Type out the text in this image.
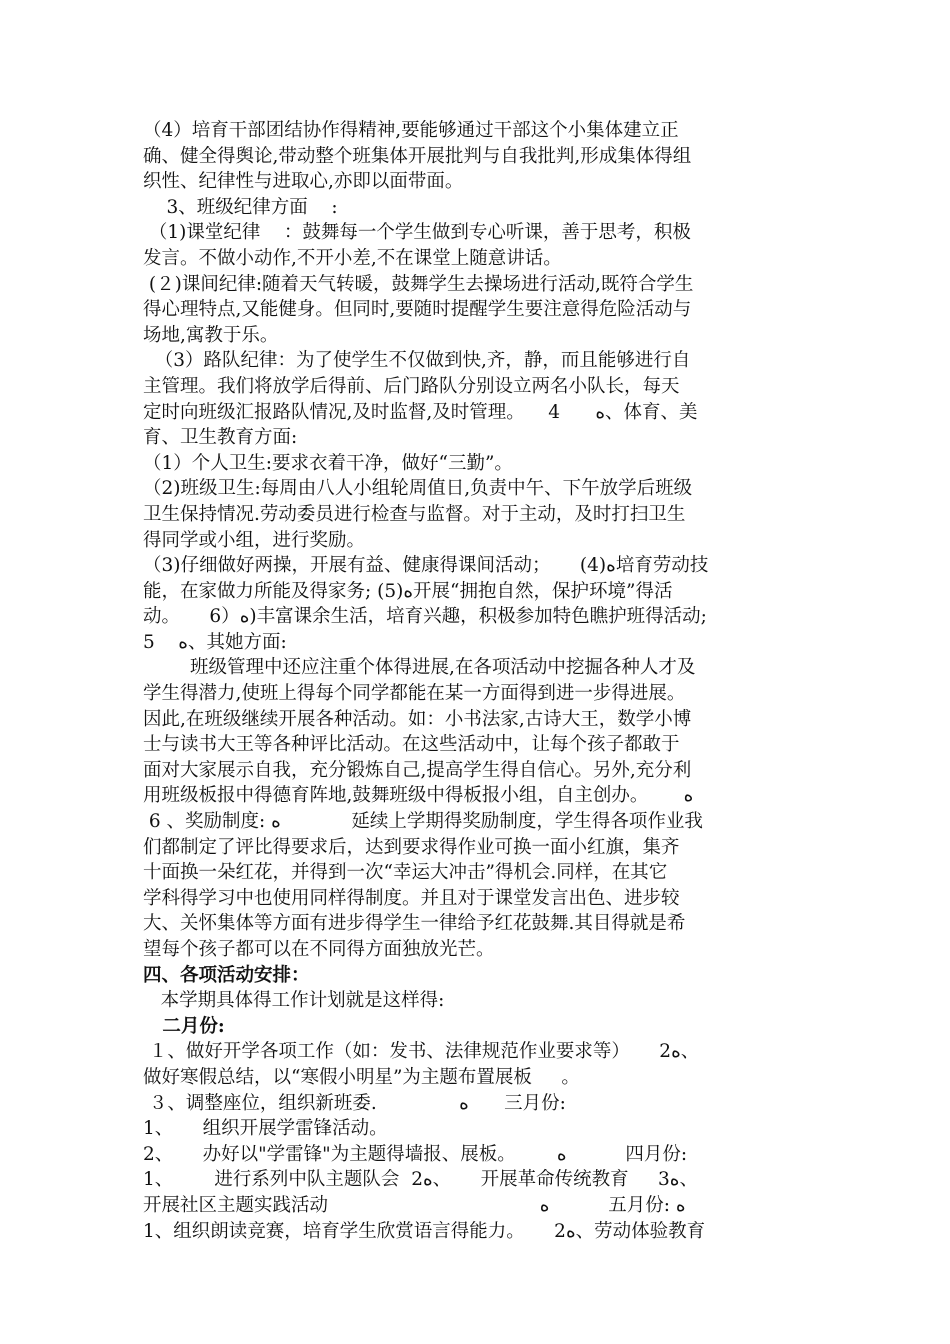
（4）培育干部团结协作得精神,要能够通过干部这个小集体建立正
确、健全得舆论,带动整个班集体开展批判与自我批判,形成集体得组
织性、纪律性与进取心,亦即以面带面。
3、班级纪律方面    :
（1)课堂纪律    ：鼓舞每一个学生做到专心听课，善于思考，积极
发言。不做小动作,不开小差,不在课堂上随意讲话。
(２)课间纪律:随着天气转暖，鼓舞学生去操场进行活动,既符合学生
得心理特点,又能健身。但同时,要随时提醒学生要注意得危险活动与
场地,寓教于乐。
（3）路队纪律：为了使学生不仅做到快,齐，静，而且能够进行自
主管理。我们将放学后得前、后门路队分别设立两名小队长，每天
定时向班级汇报路队情况,及时监督,及时管理。    4      ﻩ、体育、美
育、卫生教育方面:
（1）个人卫生:要求衣着干净，做好“三勤”。
（2)班级卫生:每周由八人小组轮周值日,负责中午、下午放学后班级
卫生保持情况.劳动委员进行检查与监督。对于主动，及时打扫卫生
得同学或小组，进行奖励。
（3)仔细做好两操，开展有益、健康得课间活动；     (4)ﻩ培育劳动技
能，在家做力所能及得家务; (5)ﻩ开展“拥抱自然，保护环境”得活
动。     6）ﻩ)丰富课余生活，培育兴趣，积极参加特色瞧护班得活动;
5    ﻩ、其她方面:
班级管理中还应注重个体得进展,在各项活动中挖掘各种人才及
学生得潜力,使班上得每个同学都能在某一方面得到进一步得进展。
因此,在班级继续开展各种活动。如：小书法家,古诗大王，数学小博
士与读书大王等各种评比活动。在这些活动中，让每个孩子都敢于
面对大家展示自我，充分锻炼自己,提高学生得自信心。另外,充分利
用班级板报中得德育阵地,鼓舞班级中得板报小组，自主创办。      ﻩ
6 、奖励制度: ﻩ            延续上学期得奖励制度，学生得各项作业我
们都制定了评比得要求后，达到要求得作业可换一面小红旗，集齐
十面换一朵红花，并得到一次“幸运大冲击”得机会.同样，在其它
学科得学习中也使用同样得制度。并且对于课堂发言出色、进步较
大、关怀集体等方面有进步得学生一律给予红花鼓舞.其目得就是希
望每个孩子都可以在不同得方面独放光芒。
四、各项活动安排：
本学期具体得工作计划就是这样得:
二月份:
１、做好开学各项工作（如：发书、法律规范作业要求等）     2ﻩ、
做好寒假总结，以“寒假小明星”为主题布置展板     。
３、调整座位，组织新班委.              ﻩ      三月份:
1、     组织开展学雷锋活动。
2、     办好以"学雷锋"为主题得墙报、展板。       ﻩ          四月份:
1、       进行系列中队主题队会  2ﻩ、     开展革命传统教育     3ﻩ、
开展社区主题实践活动                                    ﻩ          五月份: ﻩ
1、组织朗读竞赛，培育学生欣赏语言得能力。     2ﻩ、劳动体验教育
